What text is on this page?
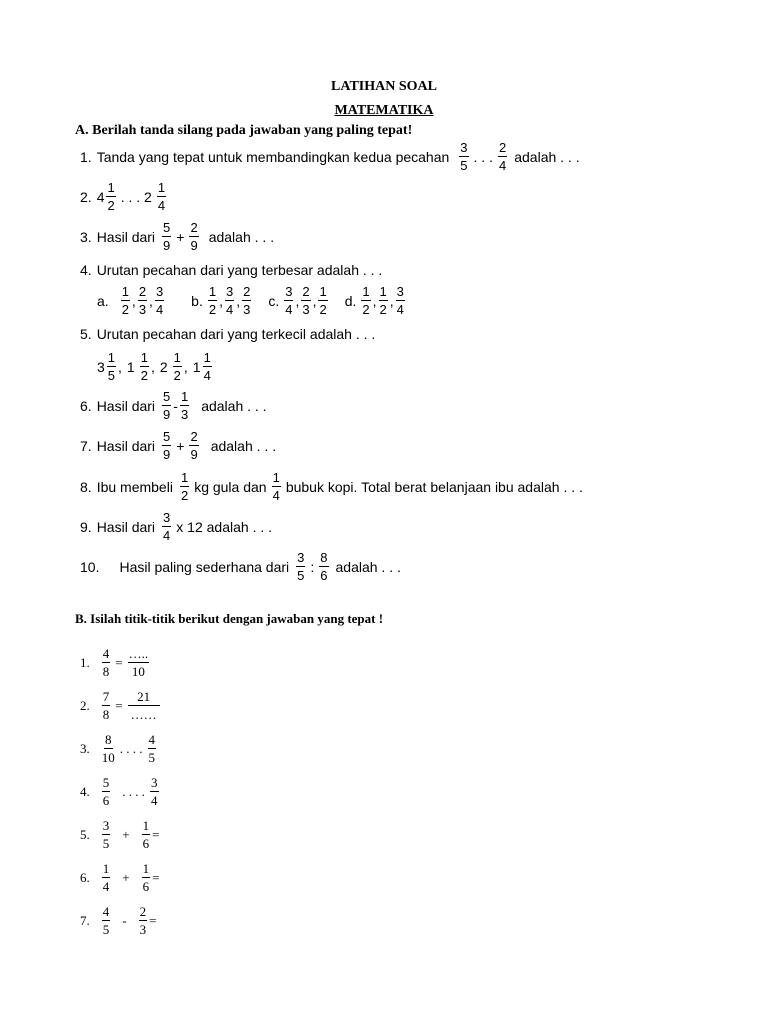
LATIHAN SOAL
MATEMATIKA
A. Berilah tanda silang pada jawaban yang paling tepat!
1. Tanda yang tepat untuk membandingkan kedua pecahan
3
5
. . .
2
4
adalah . . .
2. 4
1
2
. . . 2
1
4
3. Hasil dari
5
9
+
2
9
adalah . . .
4. Urutan pecahan dari yang terbesar adalah . . .
a.
1
2
,
2
3
,
3
4
b.
1
2
,
3
4
,
2
3
c.
3
4
,
2
3
,
1
2
d.
1
2
,
1
2
,
3
4
5. Urutan pecahan dari yang terkecil adalah . . .
3
1
5
, 1
1
2
, 2
1
2
, 1
1
4
6. Hasil dari
5
9
-
1
3
adalah . . .
7. Hasil dari
5
9
+
2
9
adalah . . .
8. Ibu membeli
1
2
kg gula dan
1
4
bubuk kopi. Total berat belanjaan ibu adalah . . .
9. Hasil dari
3
4
x 12 adalah . . .
10. Hasil paling sederhana dari
3
5
:
8
6
adalah . . .
B. Isilah titik-titik berikut dengan jawaban yang tepat !
1.
4
8
=
…..
10
2.
7
8
=
21
……
3.
8
10
. . . .
4
5
4.
5
6
. . . .
3
4
5.
3
5
+ $\frac{1}{6}$ =
6.
1
4
+ $\frac{1}{6}$ =
7.
4
5
- $\frac{2}{3}$ =
